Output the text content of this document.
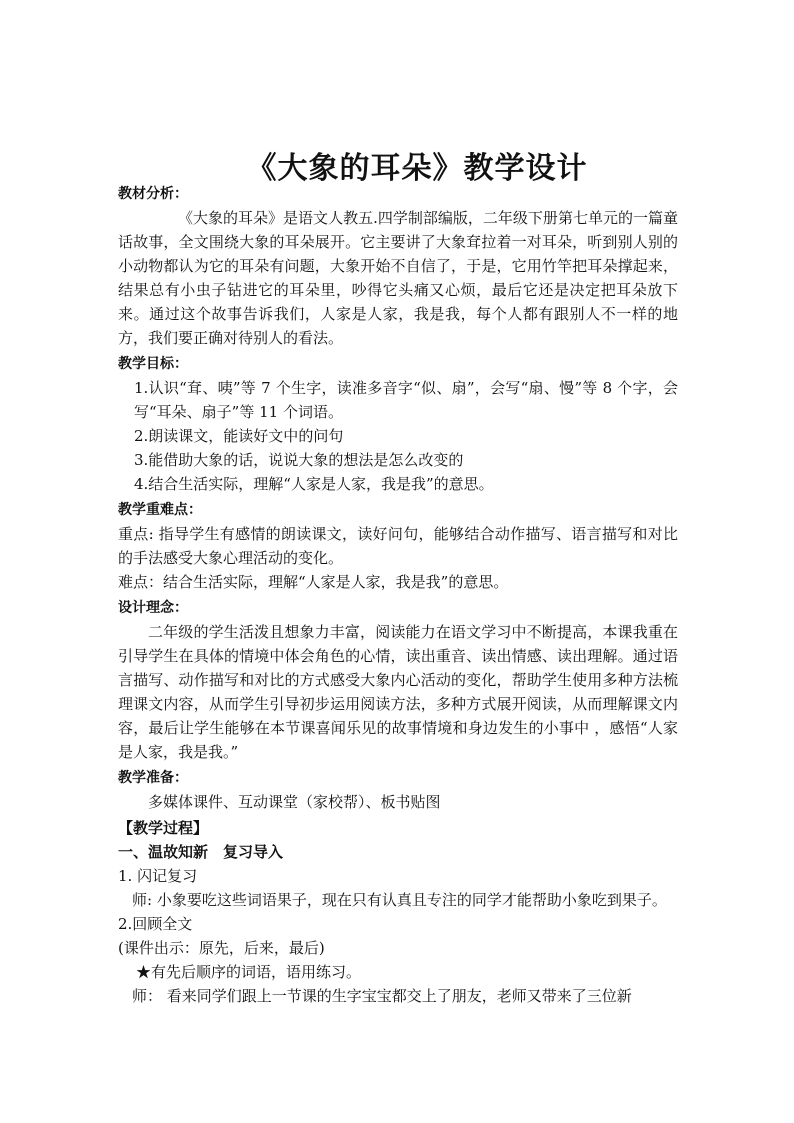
《大象的耳朵》教学设计

教材分析：

《大象的耳朵》是语文人教五.四学制部编版，二年级下册第七单元的一篇童话故事，全文围绕大象的耳朵展开。它主要讲了大象耷拉着一对耳朵，听到别人别的小动物都认为它的耳朵有问题，大象开始不自信了，于是，它用竹竿把耳朵撑起来，结果总有小虫子钻进它的耳朵里，吵得它头痛又心烦，最后它还是决定把耳朵放下来。通过这个故事告诉我们，人家是人家，我是我，每个人都有跟别人不一样的地方，我们要正确对待别人的看法。

教学目标：

1.认识“耷、咦”等 7 个生字，读准多音字“似、扇”，会写“扇、慢”等 8 个字，会写“耳朵、扇子”等 11 个词语。

2.朗读课文，能读好文中的问句

3.能借助大象的话，说说大象的想法是怎么改变的

4.结合生活实际，理解“人家是人家，我是我”的意思。

教学重难点：

重点: 指导学生有感情的朗读课文，读好问句，能够结合动作描写、语言描写和对比的手法感受大象心理活动的变化。

难点：结合生活实际，理解“人家是人家，我是我”的意思。

设计理念：

二年级的学生活泼且想象力丰富，阅读能力在语文学习中不断提高，本课我重在引导学生在具体的情境中体会角色的心情，读出重音、读出情感、读出理解。通过语言描写、动作描写和对比的方式感受大象内心活动的变化，帮助学生使用多种方法梳理课文内容，从而学生引导初步运用阅读方法，多种方式展开阅读，从而理解课文内容，最后让学生能够在本节课喜闻乐见的故事情境和身边发生的小事中 ，感悟“人家是人家，我是我。”

教学准备：

多媒体课件、互动课堂（家校帮）、板书贴图

【教学过程】

一、温故知新　复习导入

1. 闪记复习

师: 小象要吃这些词语果子，现在只有认真且专注的同学才能帮助小象吃到果子。

2.回顾全文

(课件出示：原先，后来，最后)

★有先后顺序的词语，语用练习。

师： 看来同学们跟上一节课的生字宝宝都交上了朋友，老师又带来了三位新
